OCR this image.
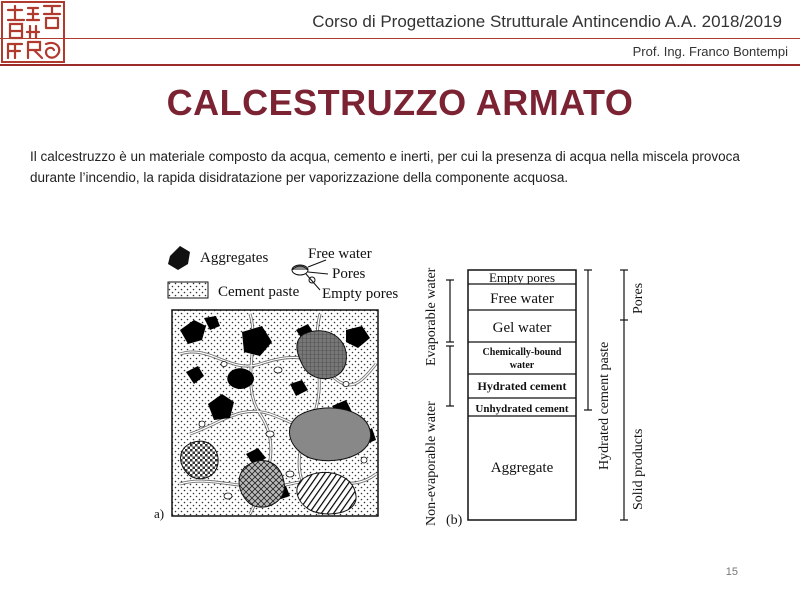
Corso di Progettazione Strutturale Antincendio A.A. 2018/2019
Prof. Ing. Franco Bontempi
CALCESTRUZZO ARMATO
Il calcestruzzo è un materiale composto da acqua, cemento e inerti, per cui la presenza di acqua nella miscela provoca durante l’incendio, la rapida disidratazione per vaporizzazione della componente acquosa.
Aggregates
Cement paste
Free water
Pores
Empty pores
a)	Non-evaporable water
Evaporable water
(b)
Empty pores
Free water
Gel water
Chemically-bound
water
Hydrated cement
Unhydrated cement
Aggregate	Hydrated cement paste
Pores
Solid products
15
